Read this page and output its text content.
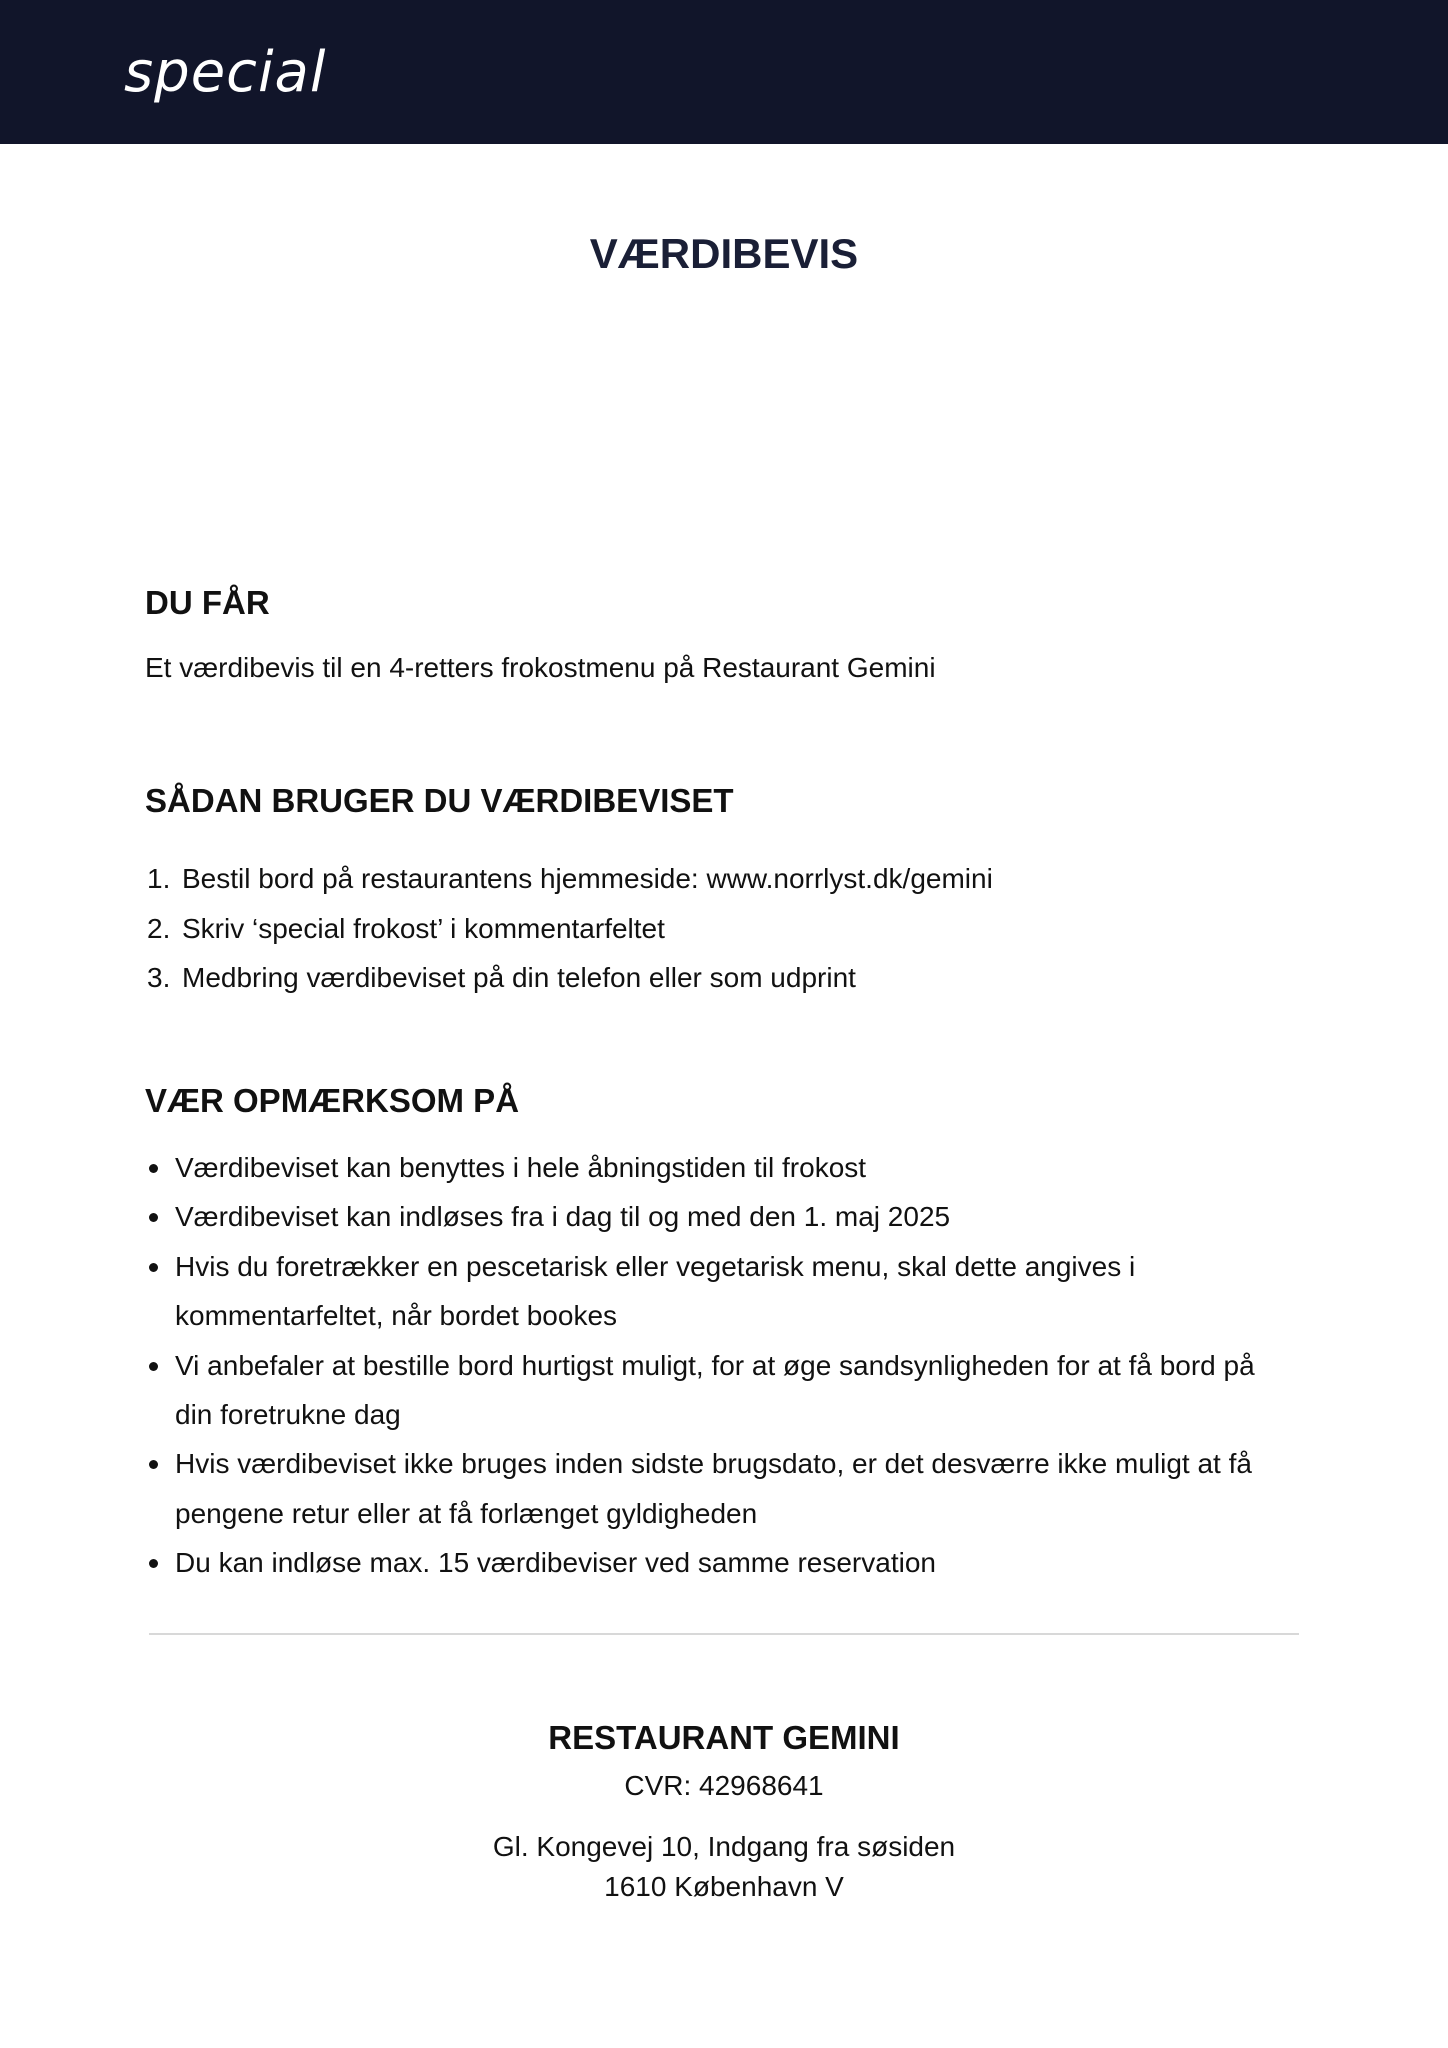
special
VÆRDIBEVIS
DU FÅR

Et værdibevis til en 4-retters frokostmenu på Restaurant Gemini

SÅDAN BRUGER DU VÆRDIBEVISET
1. Bestil bord på restaurantens hjemmeside: www.norrlyst.dk/gemini
2. Skriv ‘special frokost’ i kommentarfeltet
3. Medbring værdibeviset på din telefon eller som udprint
VÆR OPMÆRKSOM PÅ
Værdibeviset kan benyttes i hele åbningstiden til frokost
Værdibeviset kan indløses fra i dag til og med den 1. maj 2025
Hvis du foretrækker en pescetarisk eller vegetarisk menu, skal dette angives i kommentarfeltet, når bordet bookes
Vi anbefaler at bestille bord hurtigst muligt, for at øge sandsynligheden for at få bord på din foretrukne dag
Hvis værdibeviset ikke bruges inden sidste brugsdato, er det desværre ikke muligt at få pengene retur eller at få forlænget gyldigheden
Du kan indløse max. 15 værdibeviser ved samme reservation
RESTAURANT GEMINI

CVR: 42968641

Gl. Kongevej 10, Indgang fra søsiden

1610 København V
